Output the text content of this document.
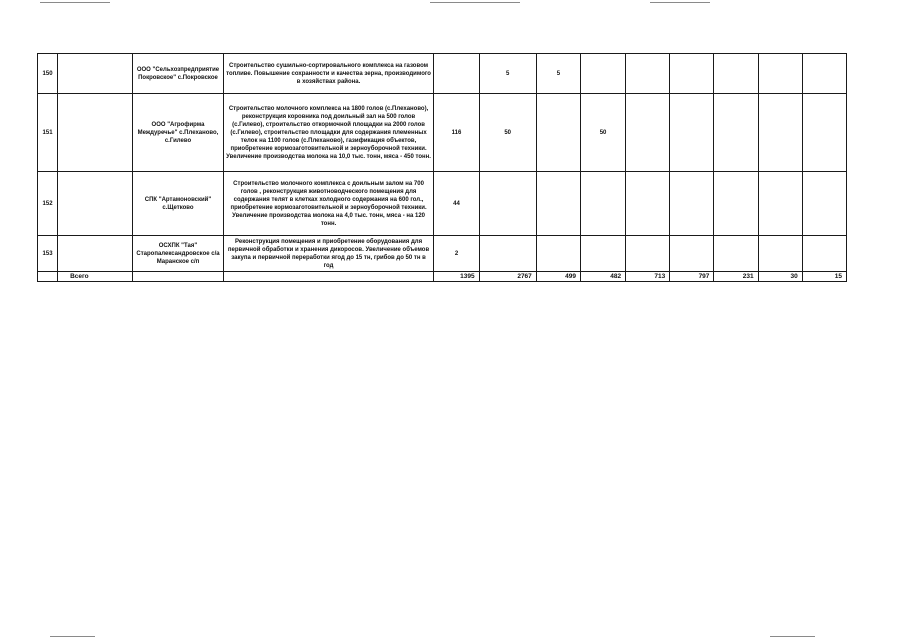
150		ООО "Сельхозпредприятие Покровское" с.Покровское	Строительство сушильно-сортировального комплекса на газовом топливе. Повышение сохранности и качества зерна, производимого в хозяйствах района.		5	5						
151		ООО "Агрофирма Междуречье" с.Плеханово, с.Гилево	Строительство молочного комплекса на 1800 голов (с.Плеханово), реконструкция коровника под доильный зал на 500 голов (с.Гилево), строительство откормочной площадки на 2000 голов (с.Гилево), строительство площадки для содержания племенных телок на 1100 голов (с.Плеханово), газификация объектов, приобретение кормозаготовительной и зерноуборочной техники. Увеличение производства молока на 10,0 тыс. тонн, мяса - 450 тонн.	116	50		50					
152		СПК "Артамоновский" с.Щетково	Строительство молочного комплекса с доильным залом на 700 голов , реконструкция животноводческого помещения для содержания телят в клетках холодного содержания на 600 гол., приобретение кормозаготовительной и зерноуборочной техники. Увеличение производства молока на 4,0 тыс. тонн, мяса - на 120 тонн.	44								
153		ОСХПК "Тая" Старопалександровское с/а Маранское с/п	Реконструкция помещения и приобретение оборудования для первичной обработки и хранения дикоросов. Увеличение объемов закупа и первичной переработки ягод до 15 тн, грибов до 50 тн в год	2								
	Всего			1395	2767	499	482	713	797	231	30	15
